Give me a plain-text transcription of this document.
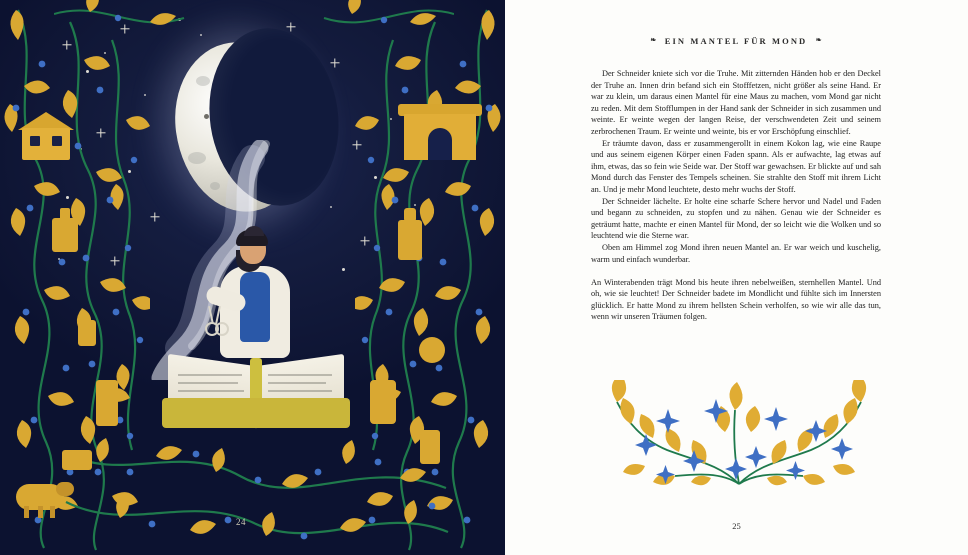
24
❧ EIN MANTEL FÜR MOND ❧

Der Schneider kniete sich vor die Truhe. Mit zitternden Händen hob er den Deckel der Truhe an. Innen drin befand sich ein Stofffetzen, nicht größer als seine Hand. Er war zu klein, um daraus einen Mantel für eine Maus zu machen, vom Mond gar nicht zu reden. Mit dem Stofflumpen in der Hand sank der Schneider in sich zusammen und weinte. Er weinte wegen der langen Reise, der verschwendeten Zeit und seinem zerbrochenen Traum. Er weinte und weinte, bis er vor Erschöpfung einschlief.

Er träumte davon, dass er zusammengerollt in einem Kokon lag, wie eine Raupe und aus seinem eigenen Körper einen Faden spann. Als er aufwachte, lag etwas auf ihm, etwas, das so fein wie Seide war. Der Stoff war gewachsen. Er blickte auf und sah Mond durch das Fenster des Tempels scheinen. Sie strahlte den Stoff mit ihrem Licht an. Und je mehr Mond leuchtete, desto mehr wuchs der Stoff.

Der Schneider lächelte. Er holte eine scharfe Schere hervor und Nadel und Faden und begann zu schneiden, zu stopfen und zu nähen. Genau wie der Schneider es geträumt hatte, machte er einen Mantel für Mond, der so leicht wie die Wolken und so leuchtend wie die Sterne war.

Oben am Himmel zog Mond ihren neuen Mantel an. Er war weich und kuschelig, warm und einfach wunderbar.

An Winterabenden trägt Mond bis heute ihren nebelweißen, sternhellen Mantel. Und oh, wie sie leuchtet! Der Schneider badete im Mondlicht und fühlte sich im Innersten glücklich. Er hatte Mond zu ihrem hellsten Schein verholfen, so wie wir alle das tun, wenn wir unseren Träumen folgen.

25
